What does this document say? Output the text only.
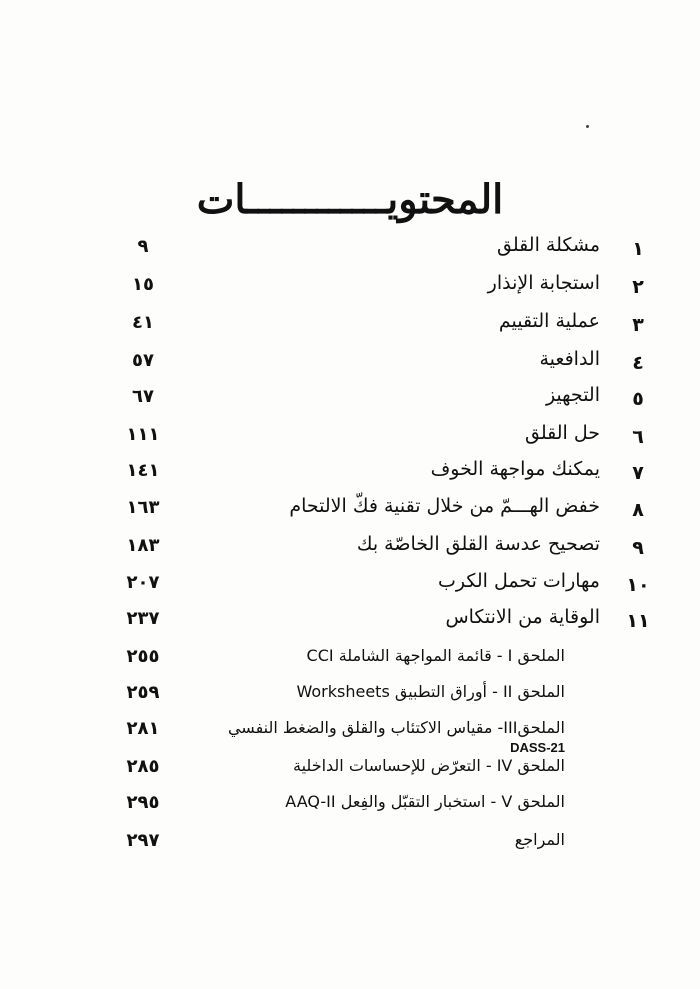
المحتويــــــــــــات
١
مشكلة القلق
٩
٢
استجابة الإنذار
١٥
٣
عملية التقييم
٤١
٤
الدافعية
٥٧
٥
التجهيز
٦٧
٦
حل القلق
١١١
٧
يمكنك مواجهة الخوف
١٤١
٨
خفض الهـــمّ من خلال تقنية فكّ الالتحام
١٦٣
٩
تصحيح عدسة القلق الخاصّة بك
١٨٣
١٠
مهارات تحمل الكرب
٢٠٧
١١
الوقاية من الانتكاس
٢٣٧
الملحق I - قائمة المواجهة الشاملة CCI
٢٥٥
الملحق II - أوراق التطبيق Worksheets
٢٥٩
الملحقIII- مقياس الاكتئاب والقلق والضغط النفسي
DASS-21
٢٨١
الملحق IV - التعرّض للإحساسات الداخلية
٢٨٥
الملحق V - استخبار التقبّل والفِعل AAQ-II
٢٩٥
المراجع
٢٩٧
